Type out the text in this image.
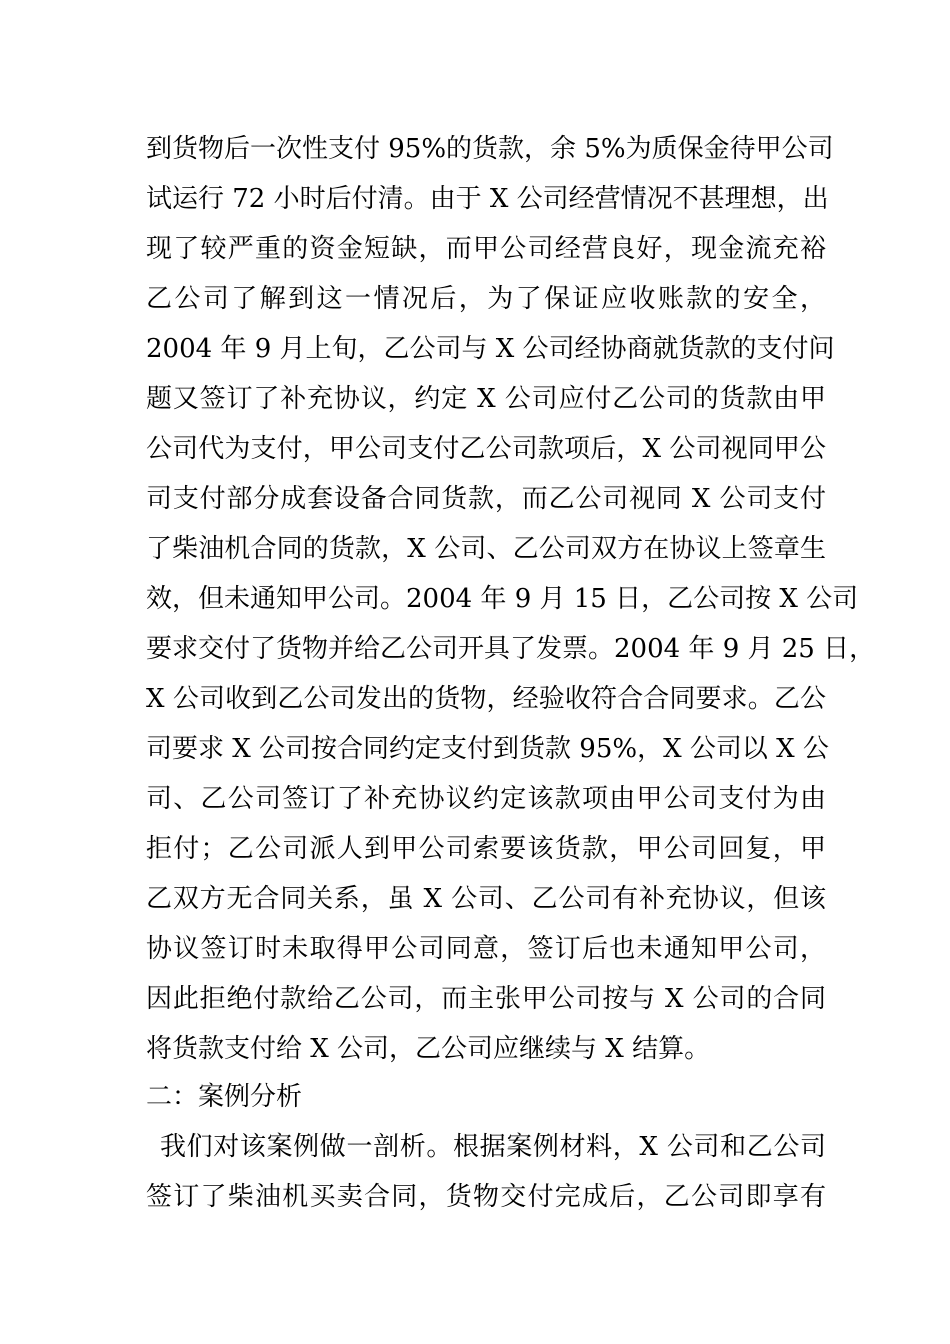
到货物后一次性支付 95%的货款，余 5%为质保金待甲公司
试运行 72 小时后付清。由于 X 公司经营情况不甚理想，出
现了较严重的资金短缺，而甲公司经营良好，现金流充裕
乙公司了解到这一情况后，为了保证应收账款的安全，
2004 年 9 月上旬，乙公司与 X 公司经协商就货款的支付问
题又签订了补充协议，约定 X 公司应付乙公司的货款由甲
公司代为支付，甲公司支付乙公司款项后，X 公司视同甲公
司支付部分成套设备合同货款，而乙公司视同 X 公司支付
了柴油机合同的货款，X 公司、乙公司双方在协议上签章生
效，但未通知甲公司。2004 年 9 月 15 日，乙公司按 X 公司
要求交付了货物并给乙公司开具了发票。2004 年 9 月 25 日，
X 公司收到乙公司发出的货物，经验收符合合同要求。乙公
司要求 X 公司按合同约定支付到货款 95%，X 公司以 X 公
司、乙公司签订了补充协议约定该款项由甲公司支付为由
拒付；乙公司派人到甲公司索要该货款，甲公司回复，甲
乙双方无合同关系，虽 X 公司、乙公司有补充协议，但该
协议签订时未取得甲公司同意，签订后也未通知甲公司，
因此拒绝付款给乙公司，而主张甲公司按与 X 公司的合同
将货款支付给 X 公司，乙公司应继续与 X 结算。
二：案例分析
我们对该案例做一剖析。根据案例材料，X 公司和乙公司
签订了柴油机买卖合同，货物交付完成后，乙公司即享有
